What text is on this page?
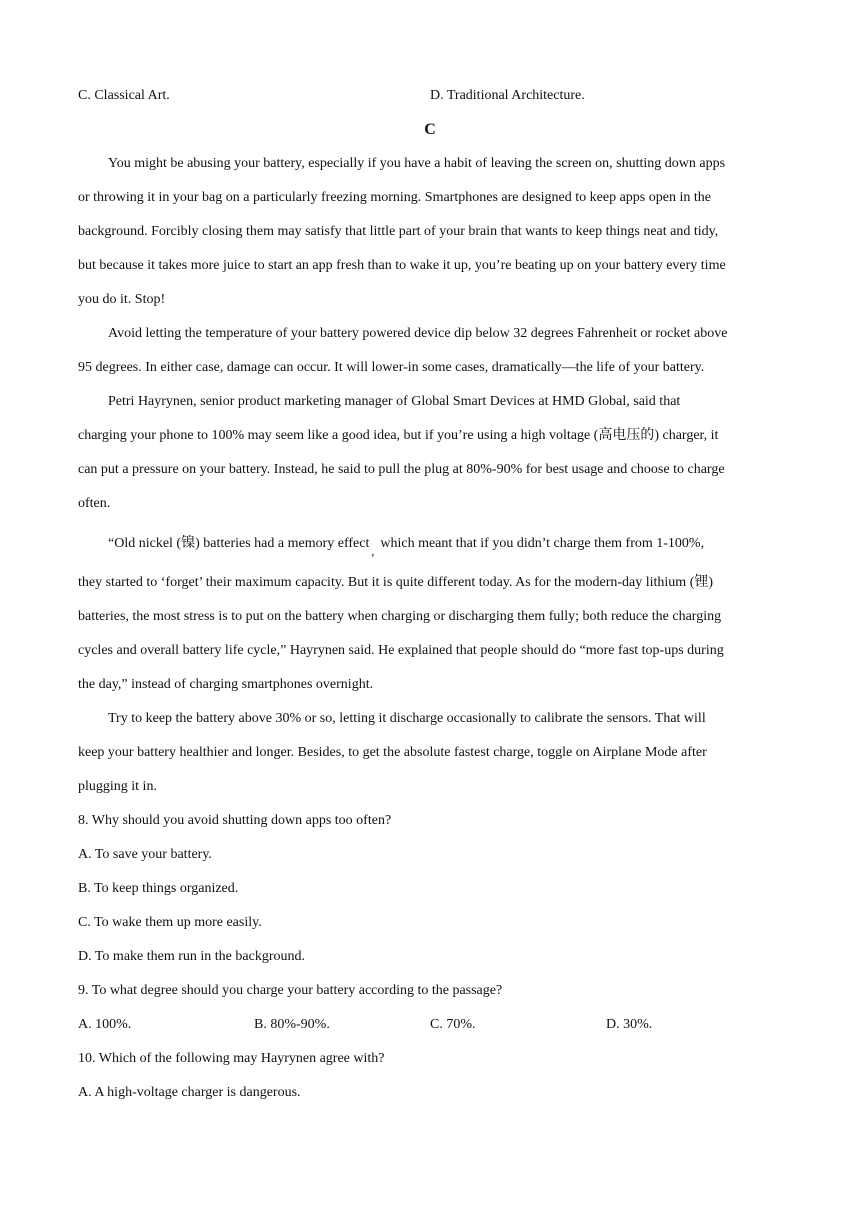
C. Classical Art.	D. Traditional Architecture.
C
You might be abusing your battery, especially if you have a habit of leaving the screen on, shutting down apps
or throwing it in your bag on a particularly freezing morning. Smartphones are designed to keep apps open in the
background. Forcibly closing them may satisfy that little part of your brain that wants to keep things neat and tidy,
but because it takes more juice to start an app fresh than to wake it up, you’re beating up on your battery every time
you do it. Stop!
Avoid letting the temperature of your battery powered device dip below 32 degrees Fahrenheit or rocket above
95 degrees. In either case, damage can occur. It will lower-in some cases, dramatically—the life of your battery.
Petri Hayrynen, senior product marketing manager of Global Smart Devices at HMD Global, said that
charging your phone to 100% may seem like a good idea, but if you’re using a high voltage (高电压的) charger, it
can put a pressure on your battery. Instead, he said to pull the plug at 80%-90% for best usage and choose to charge
often.
“Old nickel (镍) batteries had a memory effect , which meant that if you didn’t charge them from 1-100%,
they started to ‘forget’ their maximum capacity. But it is quite different today. As for the modern-day lithium (锂)
batteries, the most stress is to put on the battery when charging or discharging them fully; both reduce the charging
cycles and overall battery life cycle,” Hayrynen said. He explained that people should do “more fast top-ups during
the day,” instead of charging smartphones overnight.
Try to keep the battery above 30% or so, letting it discharge occasionally to calibrate the sensors. That will
keep your battery healthier and longer. Besides, to get the absolute fastest charge, toggle on Airplane Mode after
plugging it in.
8. Why should you avoid shutting down apps too often?
A. To save your battery.
B. To keep things organized.
C. To wake them up more easily.
D. To make them run in the background.
9. To what degree should you charge your battery according to the passage?
A. 100%.	B. 80%-90%.	C. 70%.	D. 30%.
10. Which of the following may Hayrynen agree with?
A. A high-voltage charger is dangerous.
